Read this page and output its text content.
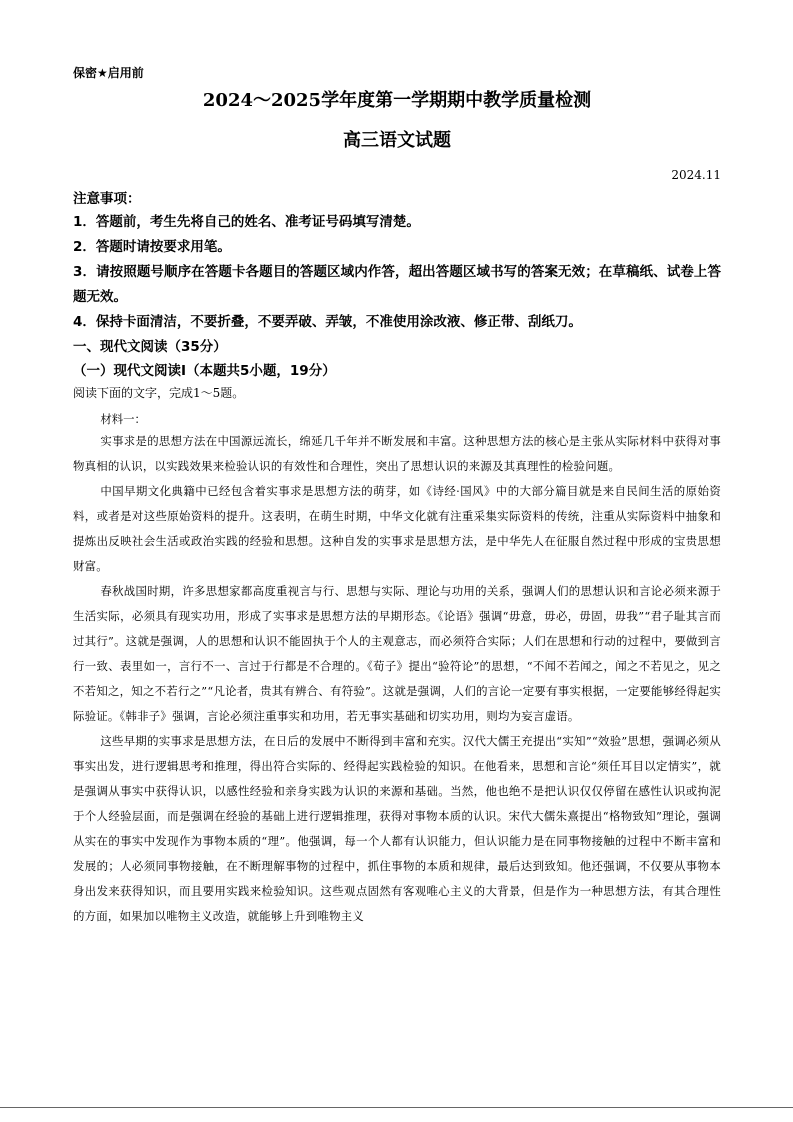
保密★启用前

2024～2025学年度第一学期期中教学质量检测
高三语文试题

2024.11

注意事项：

1．答题前，考生先将自己的姓名、准考证号码填写清楚。

2．答题时请按要求用笔。

3．请按照题号顺序在答题卡各题目的答题区域内作答，超出答题区域书写的答案无效；在草稿纸、试卷上答题无效。

4．保持卡面清洁，不要折叠，不要弄破、弄皱，不准使用涂改液、修正带、刮纸刀。

一、现代文阅读（35分）

（一）现代文阅读Ⅰ（本题共5小题，19分）

阅读下面的文字，完成1～5题。

材料一：

实事求是的思想方法在中国源远流长，绵延几千年并不断发展和丰富。这种思想方法的核心是主张从实际材料中获得对事物真相的认识，以实践效果来检验认识的有效性和合理性，突出了思想认识的来源及其真理性的检验问题。

中国早期文化典籍中已经包含着实事求是思想方法的萌芽，如《诗经·国风》中的大部分篇目就是来自民间生活的原始资料，或者是对这些原始资料的提升。这表明，在萌生时期，中华文化就有注重采集实际资料的传统，注重从实际资料中抽象和提炼出反映社会生活或政治实践的经验和思想。这种自发的实事求是思想方法，是中华先人在征服自然过程中形成的宝贵思想财富。

春秋战国时期，许多思想家都高度重视言与行、思想与实际、理论与功用的关系，强调人们的思想认识和言论必须来源于生活实际，必须具有现实功用，形成了实事求是思想方法的早期形态。《论语》强调“毋意，毋必，毋固，毋我”“君子耻其言而过其行”。这就是强调，人的思想和认识不能固执于个人的主观意志，而必须符合实际；人们在思想和行动的过程中，要做到言行一致、表里如一，言行不一、言过于行都是不合理的。《荀子》提出“验符论”的思想，“不闻不若闻之，闻之不若见之，见之不若知之，知之不若行之”“凡论者，贵其有辨合、有符验”。这就是强调，人们的言论一定要有事实根据，一定要能够经得起实际验证。《韩非子》强调，言论必须注重事实和功用，若无事实基础和切实功用，则均为妄言虚语。

这些早期的实事求是思想方法，在日后的发展中不断得到丰富和充实。汉代大儒王充提出“实知”“效验”思想，强调必须从事实出发，进行逻辑思考和推理，得出符合实际的、经得起实践检验的知识。在他看来，思想和言论“须任耳目以定情实”，就是强调从事实中获得认识，以感性经验和亲身实践为认识的来源和基础。当然，他也绝不是把认识仅仅停留在感性认识或拘泥于个人经验层面，而是强调在经验的基础上进行逻辑推理，获得对事物本质的认识。宋代大儒朱熹提出“格物致知”理论，强调从实在的事实中发现作为事物本质的“理”。他强调，每一个人都有认识能力，但认识能力是在同事物接触的过程中不断丰富和发展的；人必须同事物接触，在不断理解事物的过程中，抓住事物的本质和规律，最后达到致知。他还强调，不仅要从事物本身出发来获得知识，而且要用实践来检验知识。这些观点固然有客观唯心主义的大背景，但是作为一种思想方法，有其合理性的方面，如果加以唯物主义改造，就能够上升到唯物主义
